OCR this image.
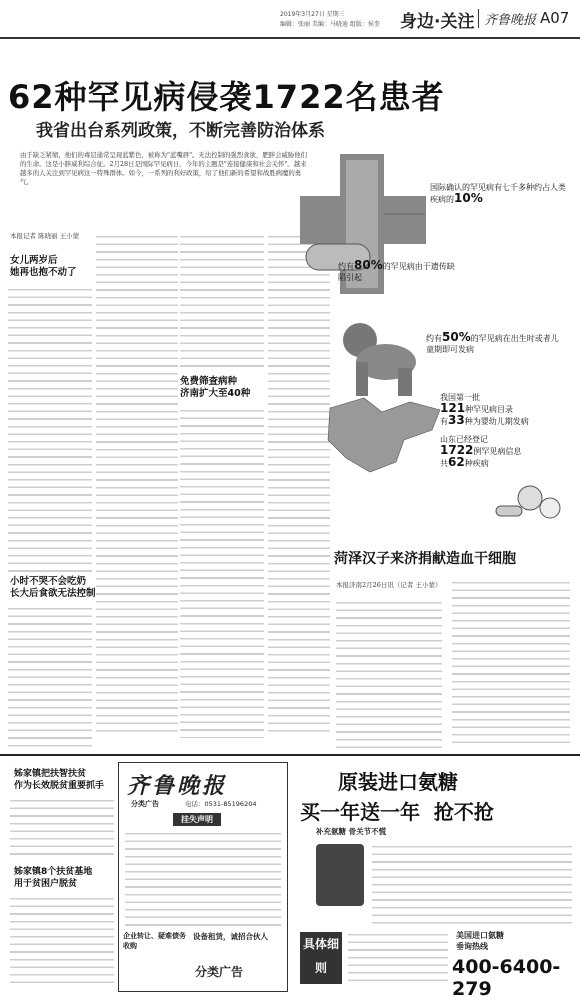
2019年3月27日 星期三
编辑：张丽 美编：马晓迪 组版：侯奎 身边·关注 齐鲁晚报 A07
62种罕见病侵袭1722名患者
我省出台系列政策，不断完善防治体系
由于缺乏紧缩，他们的毒层通常呈现蓝紫色，被称为"蓝嘴唇"。无法控制的强烈食欲，肥胖会威胁他们的生命。这是小胖威利综合征。2月28日是国际罕见病日，今年的主题是"连接健康和社会关怀"。越来越多的人关注到罕见病这一特殊群体。如今，一系列的利好政策，给了他们新的希望和战胜病魔的勇气。
本报记者 陈晓丽 王小蒙
女儿两岁后
她再也抱不动了
小时不哭不会吃奶
长大后食欲无法控制
免费筛查病种
济南扩大至40种
国际确认的罕见病有七千多种约占人类疾病的10%
约有80%的罕见病由于遗传缺陷引起
约有50%的罕见病在出生时或者儿童期即可发病
我国第一批
121种罕见病目录
有33种为婴幼儿期发病
山东已经登记
1722例罕见病信息
共62种疾病
菏泽汉子来济捐献造血干细胞
本报济南2月26日讯（记者 王小蒙）
姊家镇把扶智扶贫
作为长效脱贫重要抓手
姊家镇8个扶贫基地
用于贫困户脱贫
齐鲁晚报
分类广告	电话：0531-85196204
挂失声明
企业转让、疑难债务收购
设备租赁，诚招合伙人
分类广告
原装进口氨糖
买一年送一年  抢不抢
补充氨糖 骨关节不慌
具体细则
美国进口氨糖
垂询热线
400-6400-279
